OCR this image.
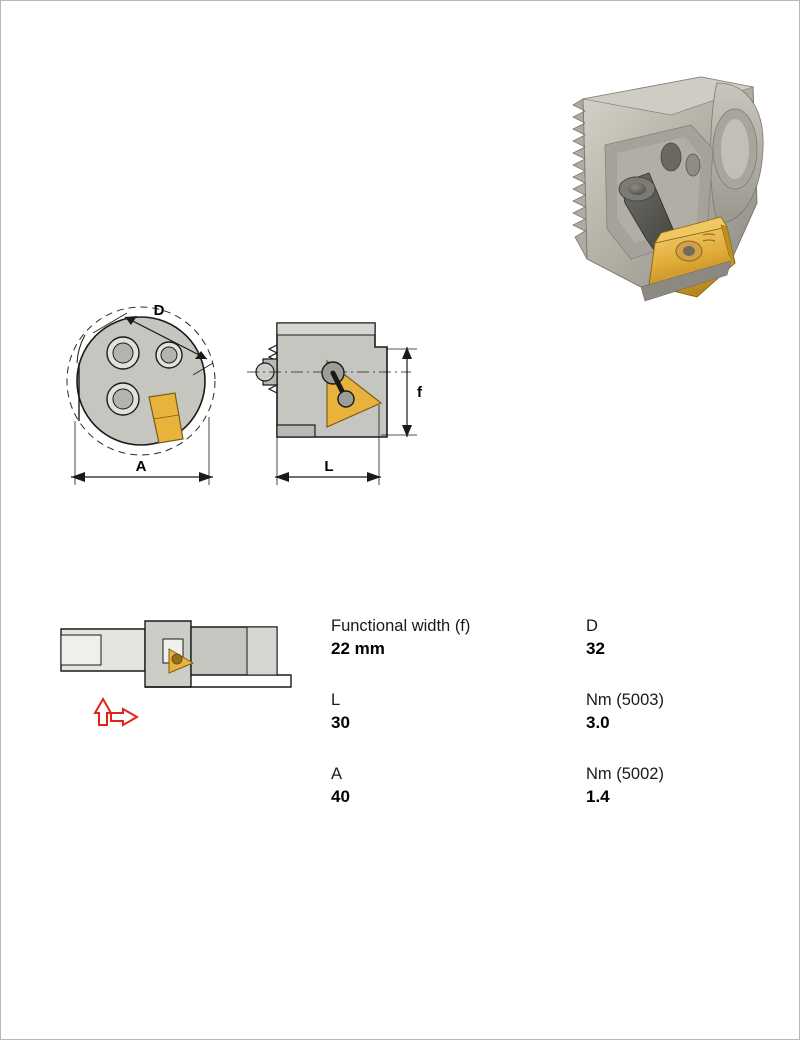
D
A
f
L
Functional width (f)
22 mm
D
32
L
30
Nm (5003)
3.0
A
40
Nm (5002)
1.4
